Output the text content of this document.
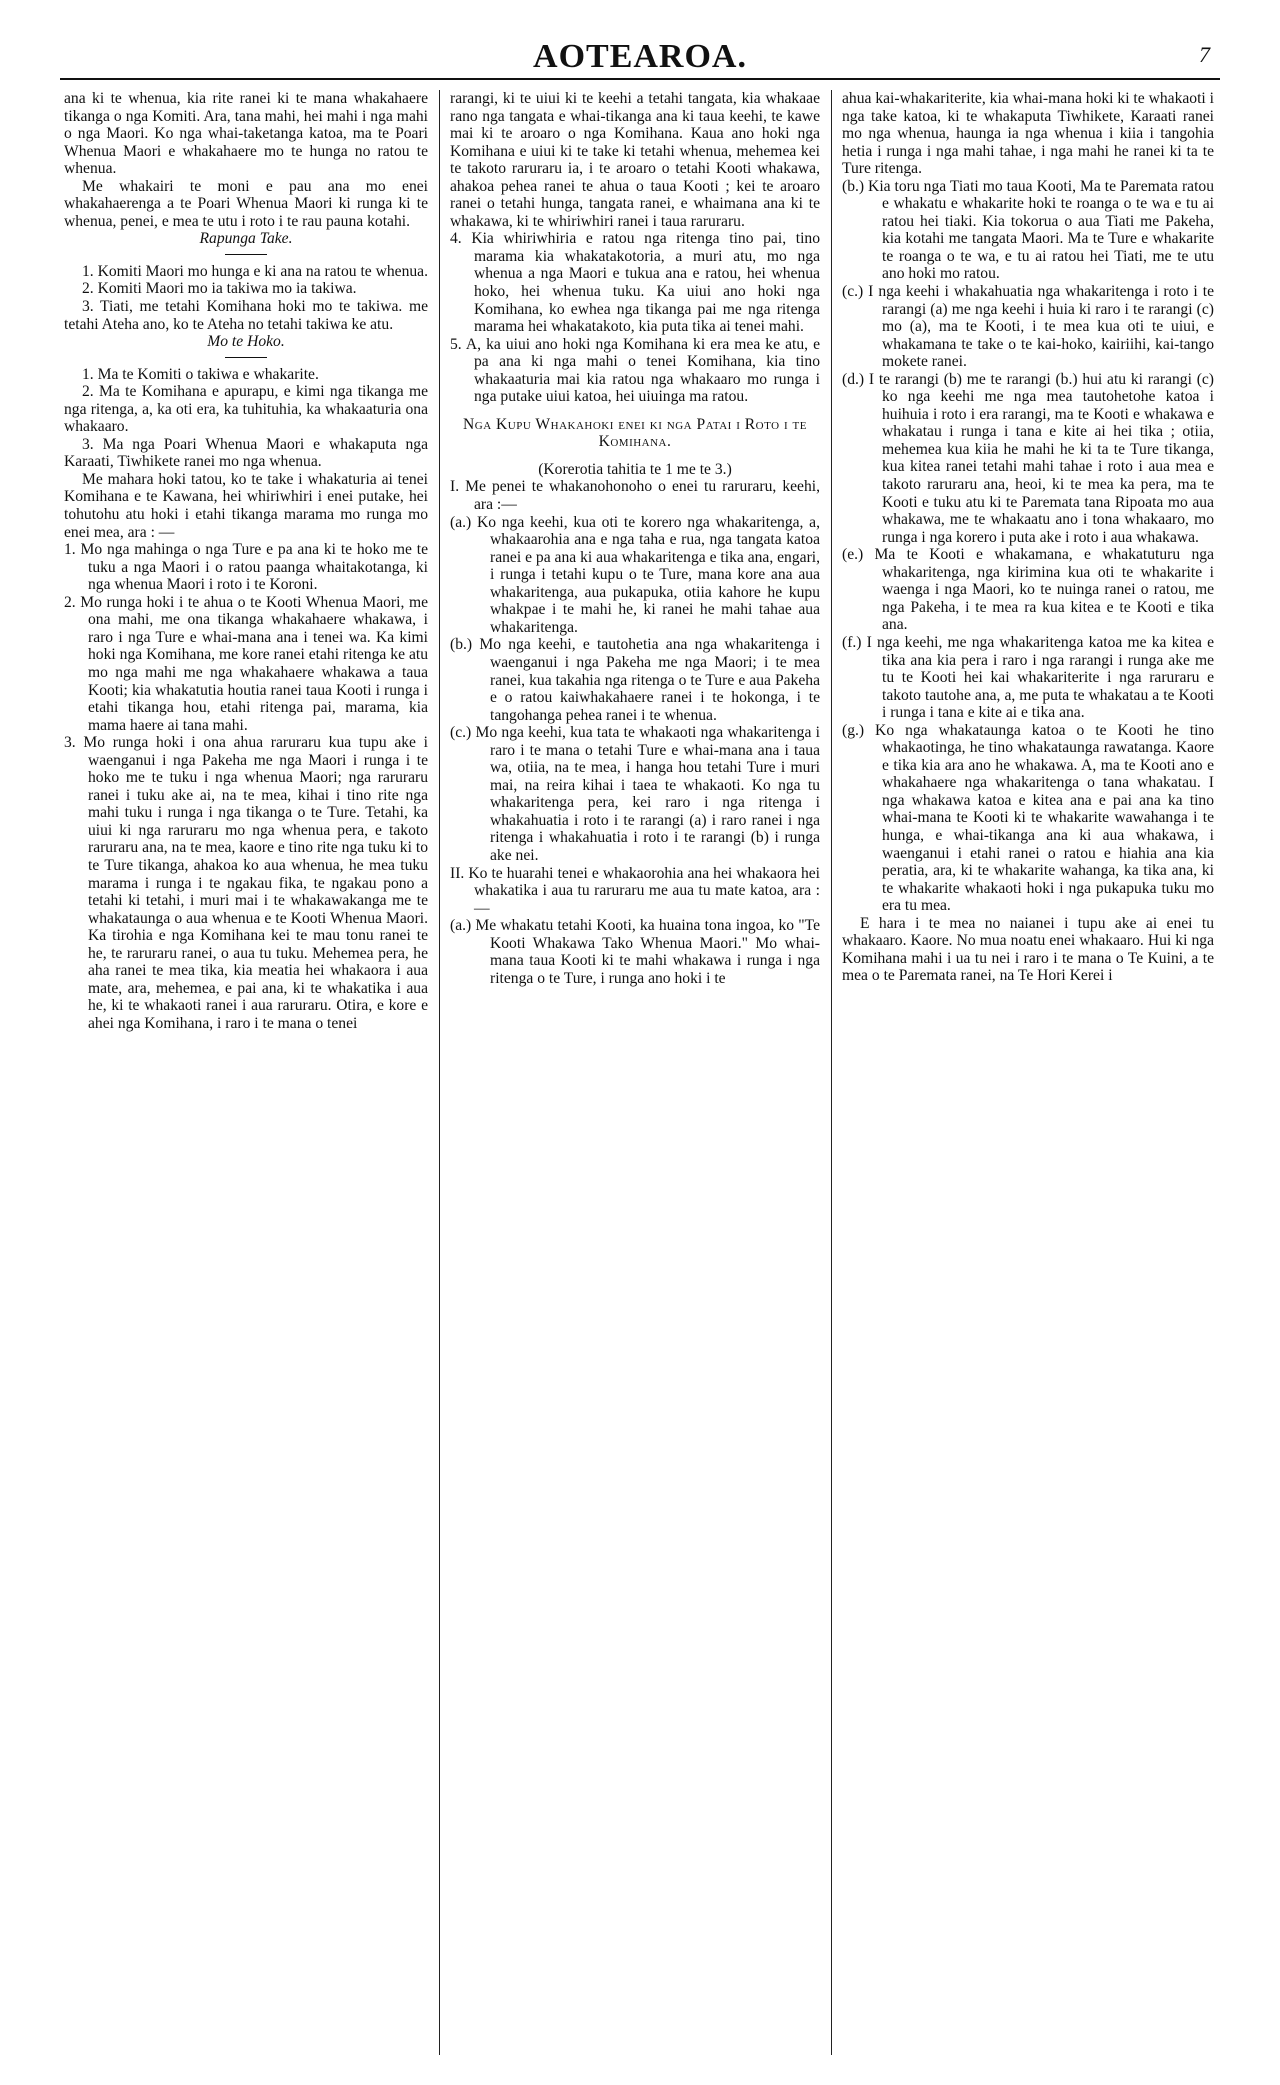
AOTEAROA.	7

ana ki te whenua, kia rite ranei ki te mana whakahaere tikanga o nga Komiti. Ara, tana mahi, hei mahi i nga mahi o nga Maori. Ko nga whai-taketanga katoa, ma te Poari Whenua Maori e whakahaere mo te hunga no ratou te whenua.

Me whakairi te moni e pau ana mo enei whakahaerenga a te Poari Whenua Maori ki runga ki te whenua, penei, e mea te utu i roto i te rau pauna kotahi.

Rapunga Take.

1. Komiti Maori mo hunga e ki ana na ratou te whenua.

2. Komiti Maori mo ia takiwa mo ia takiwa.

3. Tiati, me tetahi Komihana hoki mo te takiwa. me tetahi Ateha ano, ko te Ateha no tetahi takiwa ke atu.

Mo te Hoko.

1. Ma te Komiti o takiwa e whakarite.

2. Ma te Komihana e apurapu, e kimi nga tikanga me nga ritenga, a, ka oti era, ka tuhituhia, ka whakaaturia ona whakaaro.

3. Ma nga Poari Whenua Maori e whakaputa nga Karaati, Tiwhikete ranei mo nga whenua.

Me mahara hoki tatou, ko te take i whakaturia ai tenei Komihana e te Kawana, hei whiriwhiri i enei putake, hei tohutohu atu hoki i etahi tikanga marama mo runga mo enei mea, ara : —

1. Mo nga mahinga o nga Ture e pa ana ki te hoko me te tuku a nga Maori i o ratou paanga whaitakotanga, ki nga whenua Maori i roto i te Koroni.

2. Mo runga hoki i te ahua o te Kooti Whenua Maori, me ona mahi, me ona tikanga whakahaere whakawa, i raro i nga Ture e whai-mana ana i tenei wa. Ka kimi hoki nga Komihana, me kore ranei etahi ritenga ke atu mo nga mahi me nga whakahaere whakawa a taua Kooti; kia whakatutia houtia ranei taua Kooti i runga i etahi tikanga hou, etahi ritenga pai, marama, kia mama haere ai tana mahi.

3. Mo runga hoki i ona ahua raruraru kua tupu ake i waenganui i nga Pakeha me nga Maori i runga i te hoko me te tuku i nga whenua Maori; nga raruraru ranei i tuku ake ai, na te mea, kihai i tino rite nga mahi tuku i runga i nga tikanga o te Ture. Tetahi, ka uiui ki nga raruraru mo nga whenua pera, e takoto raruraru ana, na te mea, kaore e tino rite nga tuku ki to te Ture tikanga, ahakoa ko aua whenua, he mea tuku marama i runga i te ngakau fika, te ngakau pono a tetahi ki tetahi, i muri mai i te whakawakanga me te whakataunga o aua whenua e te Kooti Whenua Maori. Ka tirohia e nga Komihana kei te mau tonu ranei te he, te raruraru ranei, o aua tu tuku. Mehemea pera, he aha ranei te mea tika, kia meatia hei whakaora i aua mate, ara, mehemea, e pai ana, ki te whakatika i aua he, ki te whakaoti ranei i aua raruraru. Otira, e kore e ahei nga Komihana, i raro i te mana o tenei

rarangi, ki te uiui ki te keehi a tetahi tangata, kia whakaae rano nga tangata e whai-tikanga ana ki taua keehi, te kawe mai ki te aroaro o nga Komihana. Kaua ano hoki nga Komihana e uiui ki te take ki tetahi whenua, mehemea kei te takoto raruraru ia, i te aroaro o tetahi Kooti whakawa, ahakoa pehea ranei te ahua o taua Kooti ; kei te aroaro ranei o tetahi hunga, tangata ranei, e whaimana ana ki te whakawa, ki te whiriwhiri ranei i taua raruraru.

4. Kia whiriwhiria e ratou nga ritenga tino pai, tino marama kia whakatakotoria, a muri atu, mo nga whenua a nga Maori e tukua ana e ratou, hei whenua hoko, hei whenua tuku. Ka uiui ano hoki nga Komihana, ko ewhea nga tikanga pai me nga ritenga marama hei whakatakoto, kia puta tika ai tenei mahi.

5. A, ka uiui ano hoki nga Komihana ki era mea ke atu, e pa ana ki nga mahi o tenei Komihana, kia tino whakaaturia mai kia ratou nga whakaaro mo runga i nga putake uiui katoa, hei uiuinga ma ratou.

Nga Kupu Whakahoki enei ki nga Patai i Roto i te Komihana.

(Korerotia tahitia te 1 me te 3.)

I. Me penei te whakanohonoho o enei tu raruraru, keehi, ara :—

(a.) Ko nga keehi, kua oti te korero nga whakaritenga, a, whakaarohia ana e nga taha e rua, nga tangata katoa ranei e pa ana ki aua whakaritenga e tika ana, engari, i runga i tetahi kupu o te Ture, mana kore ana aua whakaritenga, aua pukapuka, otiia kahore he kupu whakpae i te mahi he, ki ranei he mahi tahae aua whakaritenga.

(b.) Mo nga keehi, e tautohetia ana nga whakaritenga i waenganui i nga Pakeha me nga Maori; i te mea ranei, kua takahia nga ritenga o te Ture e aua Pakeha e o ratou kaiwhakahaere ranei i te hokonga, i te tangohanga pehea ranei i te whenua.

(c.) Mo nga keehi, kua tata te whakaoti nga whakaritenga i raro i te mana o tetahi Ture e whai-mana ana i taua wa, otiia, na te mea, i hanga hou tetahi Ture i muri mai, na reira kihai i taea te whakaoti. Ko nga tu whakaritenga pera, kei raro i nga ritenga i whakahuatia i roto i te rarangi (a) i raro ranei i nga ritenga i whakahuatia i roto i te rarangi (b) i runga ake nei.

II. Ko te huarahi tenei e whakaorohia ana hei whakaora hei whakatika i aua tu raruraru me aua tu mate katoa, ara :—

(a.) Me whakatu tetahi Kooti, ka huaina tona ingoa, ko "Te Kooti Whakawa Tako Whenua Maori." Mo whai-mana taua Kooti ki te mahi whakawa i runga i nga ritenga o te Ture, i runga ano hoki i te

ahua kai-whakariterite, kia whai-mana hoki ki te whakaoti i nga take katoa, ki te whakaputa Tiwhikete, Karaati ranei mo nga whenua, haunga ia nga whenua i kiia i tangohia hetia i runga i nga mahi tahae, i nga mahi he ranei ki ta te Ture ritenga.

(b.) Kia toru nga Tiati mo taua Kooti, Ma te Paremata ratou e whakatu e whakarite hoki te roanga o te wa e tu ai ratou hei tiaki. Kia tokorua o aua Tiati me Pakeha, kia kotahi me tangata Maori. Ma te Ture e whakarite te roanga o te wa, e tu ai ratou hei Tiati, me te utu ano hoki mo ratou.

(c.) I nga keehi i whakahuatia nga whakaritenga i roto i te rarangi (a) me nga keehi i huia ki raro i te rarangi (c) mo (a), ma te Kooti, i te mea kua oti te uiui, e whakamana te take o te kai-hoko, kairiihi, kai-tango mokete ranei.

(d.) I te rarangi (b) me te rarangi (b.) hui atu ki rarangi (c) ko nga keehi me nga mea tautohetohe katoa i huihuia i roto i era rarangi, ma te Kooti e whakawa e whakatau i runga i tana e kite ai hei tika ; otiia, mehemea kua kiia he mahi he ki ta te Ture tikanga, kua kitea ranei tetahi mahi tahae i roto i aua mea e takoto raruraru ana, heoi, ki te mea ka pera, ma te Kooti e tuku atu ki te Paremata tana Ripoata mo aua whakawa, me te whakaatu ano i tona whakaaro, mo runga i nga korero i puta ake i roto i aua whakawa.

(e.) Ma te Kooti e whakamana, e whakatuturu nga whakaritenga, nga kirimina kua oti te whakarite i waenga i nga Maori, ko te nuinga ranei o ratou, me nga Pakeha, i te mea ra kua kitea e te Kooti e tika ana.

(f.) I nga keehi, me nga whakaritenga katoa me ka kitea e tika ana kia pera i raro i nga rarangi i runga ake me tu te Kooti hei kai whakariterite i nga raruraru e takoto tautohe ana, a, me puta te whakatau a te Kooti i runga i tana e kite ai e tika ana.

(g.) Ko nga whakataunga katoa o te Kooti he tino whakaotinga, he tino whakataunga rawatanga. Kaore e tika kia ara ano he whakawa. A, ma te Kooti ano e whakahaere nga whakaritenga o tana whakatau. I nga whakawa katoa e kitea ana e pai ana ka tino whai-mana te Kooti ki te whakarite wawahanga i te hunga, e whai-tikanga ana ki aua whakawa, i waenganui i etahi ranei o ratou e hiahia ana kia peratia, ara, ki te whakarite wahanga, ka tika ana, ki te whakarite whakaoti hoki i nga pukapuka tuku mo era tu mea.

E hara i te mea no naianei i tupu ake ai enei tu whakaaro. Kaore. No mua noatu enei whakaaro. Hui ki nga Komihana mahi i ua tu nei i raro i te mana o Te Kuini, a te mea o te Paremata ranei, na Te Hori Kerei i
